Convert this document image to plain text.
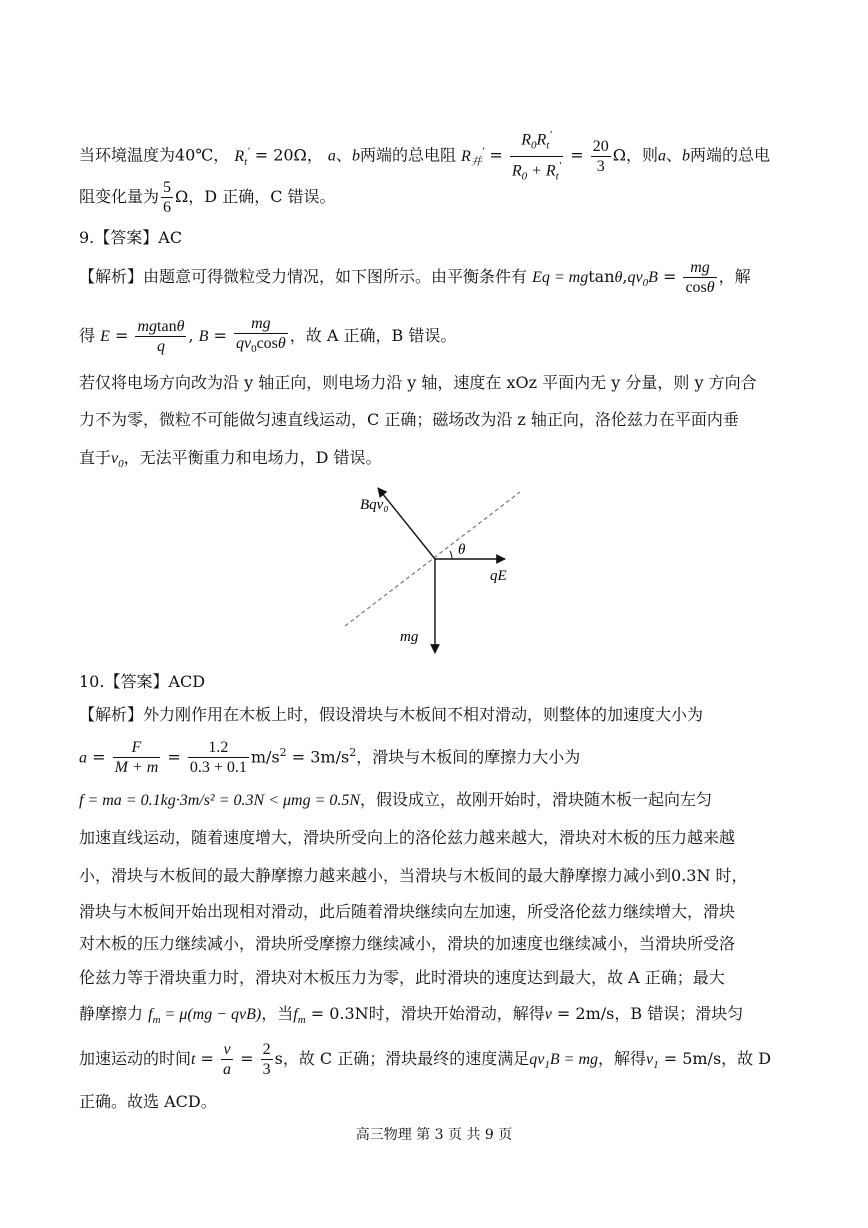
当环境温度为40℃， $R_t' = 20\Omega$， a、b两端的总电阻 $R_并' = \frac{R_0R_t'}{R_0 + R_t'} = \frac{20}{3}$ Ω，则a、b两端的总电
阻变化量为 $\frac{5}{6}$ Ω，D 正确，C 错误。
9.【答案】AC
【解析】由题意可得微粒受力情况，如下图所示。由平衡条件有 $Eq = mgtan\theta,qv_0B = \frac{mg}{\cos\theta}$ ，解
得 $E = \frac{mgtan\theta}{q}$ , $B = \frac{mg}{qv_0\cos\theta}$ ，故 A 正确，B 错误。
若仅将电场方向改为沿 y 轴正向，则电场力沿 y 轴，速度在 xOz 平面内无 y 分量，则 y 方向合
力不为零，微粒不可能做匀速直线运动，C 正确；磁场改为沿 z 轴正向，洛伦兹力在平面内垂
直于$v_0$，无法平衡重力和电场力，D 错误。
Bqv₀
θ
qE
mg
10.【答案】ACD
【解析】外力刚作用在木板上时，假设滑块与木板间不相对滑动，则整体的加速度大小为
$a = \frac{F}{M + m} = \frac{1.2}{0.3 + 0.1} m/s^2 = 3m/s^2$，滑块与木板间的摩擦力大小为
f = ma = 0.1kg·3m/s² = 0.3N < μmg = 0.5N，假设成立，故刚开始时，滑块随木板一起向左匀
加速直线运动，随着速度增大，滑块所受向上的洛伦兹力越来越大，滑块对木板的压力越来越
小，滑块与木板间的最大静摩擦力越来越小，当滑块与木板间的最大静摩擦力减小到0.3N 时，
滑块与木板间开始出现相对滑动，此后随着滑块继续向左加速，所受洛伦兹力继续增大，滑块
对木板的压力继续减小，滑块所受摩擦力继续减小，滑块的加速度也继续减小，当滑块所受洛
伦兹力等于滑块重力时，滑块对木板压力为零，此时滑块的速度达到最大，故 A 正确；最大
静摩擦力 $f_m = \mu(mg - qvB)$，当$f_m = 0.3N$时，滑块开始滑动，解得v = 2m/s，B 错误；滑块匀
加速运动的时间$t = \frac{v}{a} = \frac{2}{3}$ s，故 C 正确；滑块最终的速度满足$qv_1B$ = mg，解得$v_1 = 5m/s$，故 D
正确。故选 ACD。
高三物理 第 3 页 共 9 页
